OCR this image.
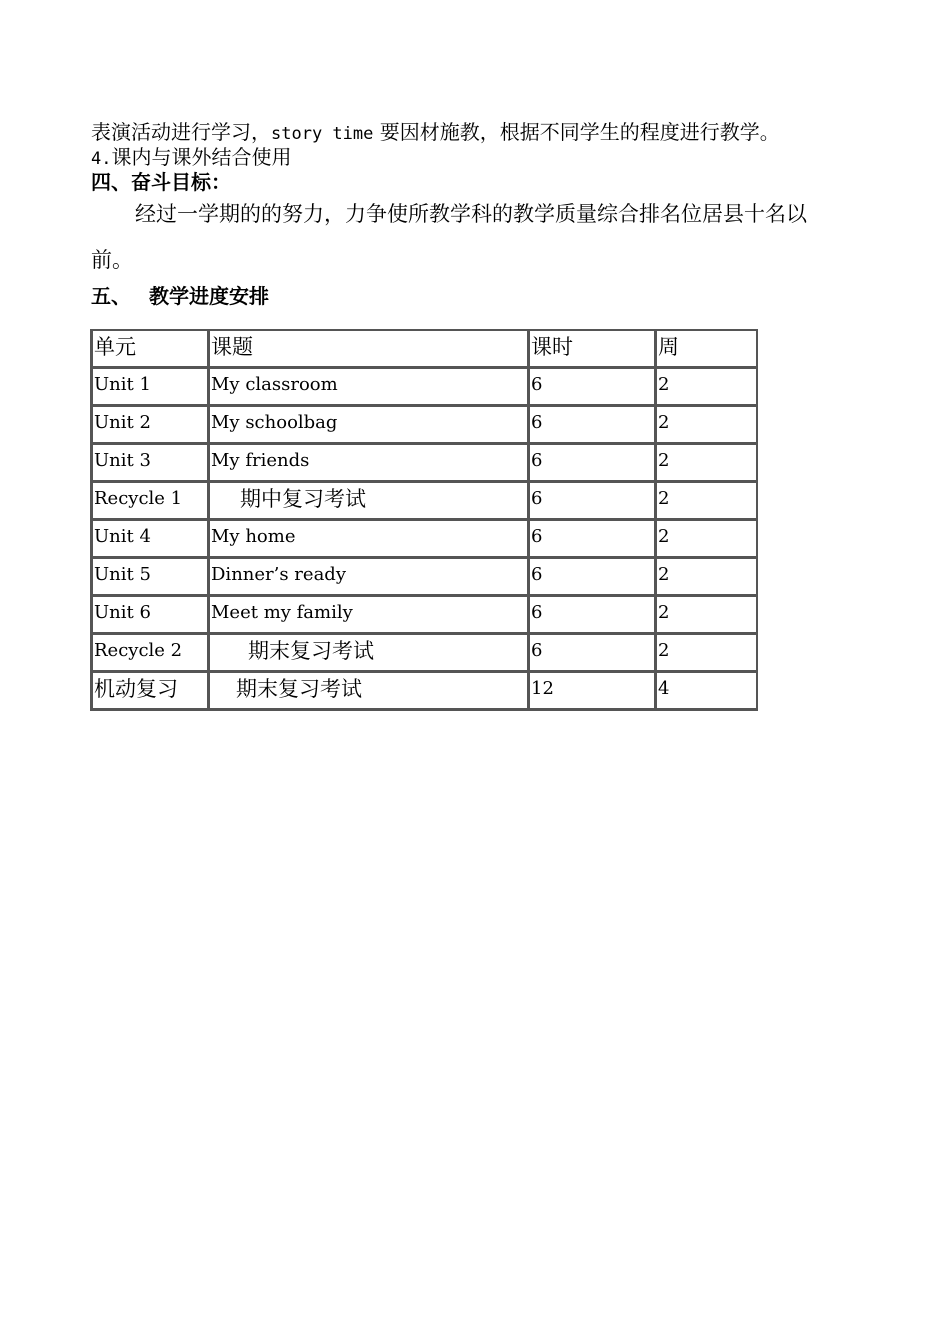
表演活动进行学习，story time 要因材施教，根据不同学生的程度进行教学。
4.课内与课外结合使用
四、奋斗目标：
经过一学期的的努力，力争使所教学科的教学质量综合排名位居县十名以
前。
五、 教学进度安排
单元	课题	课时	周
Unit 1	My classroom	6	2
Unit 2	My schoolbag	6	2
Unit 3	My friends	6	2
Recycle 1	期中复习考试	6	2
Unit 4	My home	6	2
Unit 5	Dinner’s ready	6	2
Unit 6	Meet my family	6	2
Recycle 2	期末复习考试	6	2
机动复习	期末复习考试	12	4
